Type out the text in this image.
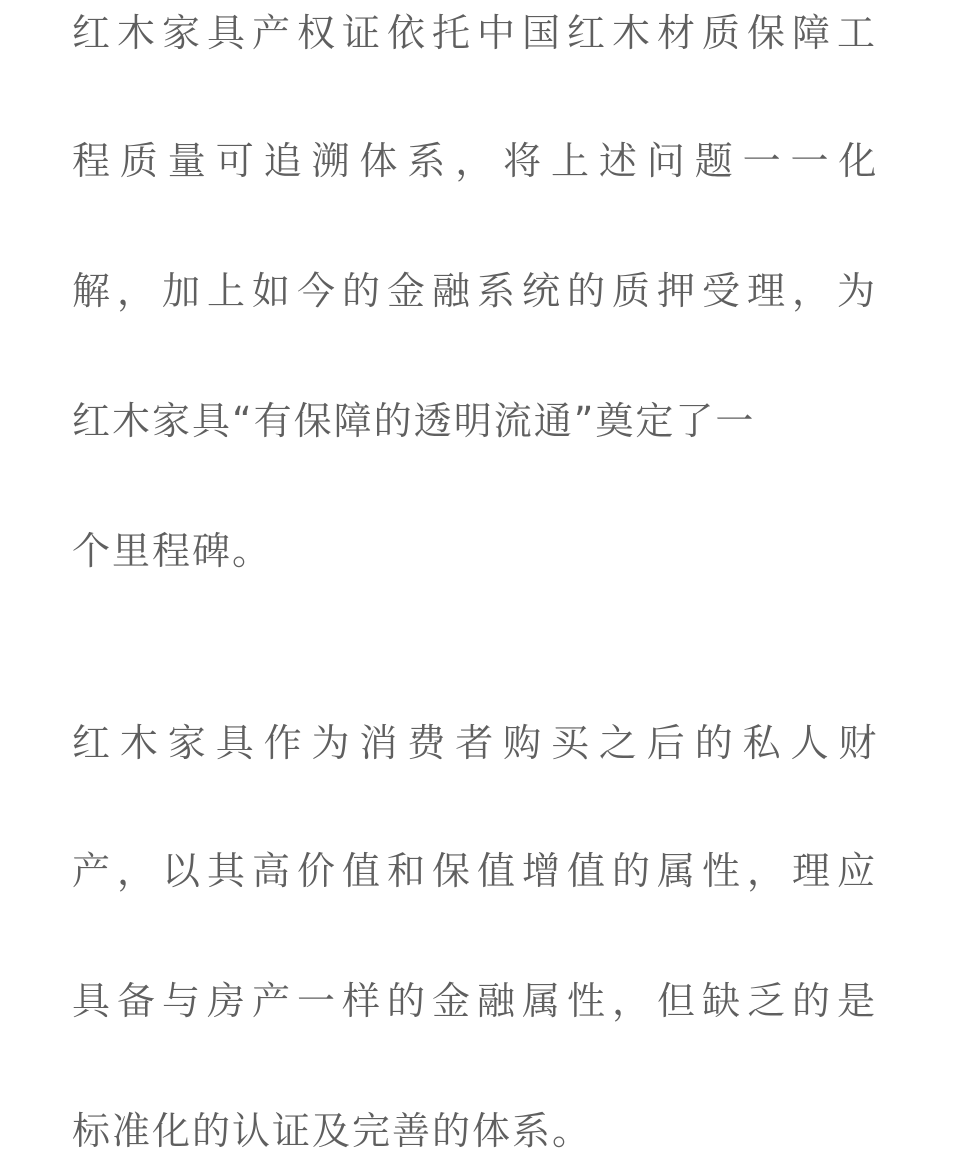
红木家具产权证依托中国红木材质保障工
程质量可追溯体系，将上述问题一一化
解，加上如今的金融系统的质押受理，为
红木家具“有保障的透明流通”奠定了一
个里程碑。
红木家具作为消费者购买之后的私人财
产，以其高价值和保值增值的属性，理应
具备与房产一样的金融属性，但缺乏的是
标准化的认证及完善的体系。
